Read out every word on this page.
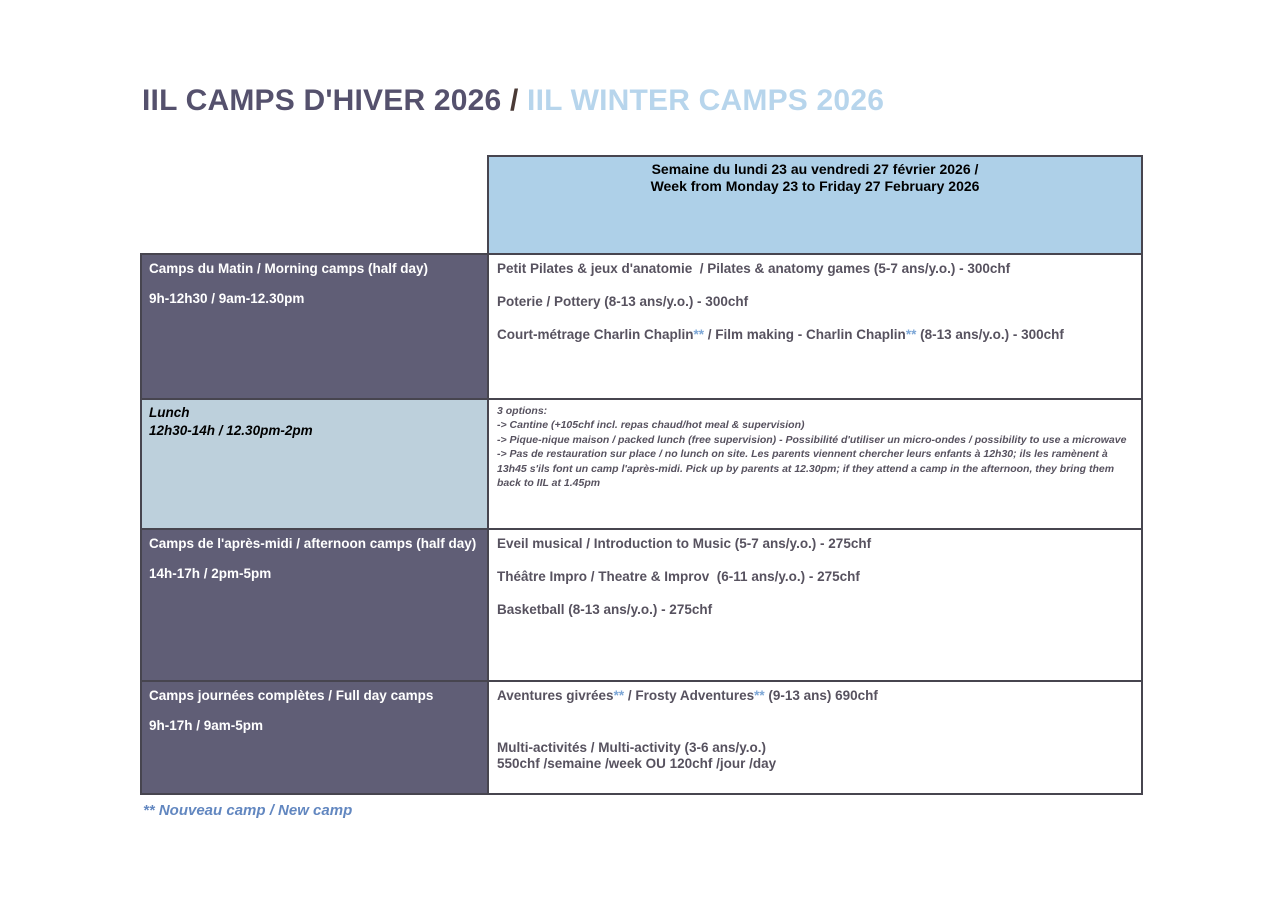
IIL CAMPS D'HIVER 2026 / IIL WINTER CAMPS 2026
Semaine du lundi 23 au vendredi 27 février 2026 /
Week from Monday 23 to Friday 27 February 2026
Camps du Matin / Morning camps (half day)
9h-12h30 / 9am-12.30pm

Petit Pilates & jeux d'anatomie  / Pilates & anatomy games (5-7 ans/y.o.) - 300chf

Poterie / Pottery (8-13 ans/y.o.) - 300chf

Court-métrage Charlin Chaplin** / Film making - Charlin Chaplin** (8-13 ans/y.o.) - 300chf

Lunch
12h30-14h / 12.30pm-2pm

3 options:

-> Cantine (+105chf incl. repas chaud/hot meal & supervision)

-> Pique-nique maison / packed lunch (free supervision) - Possibilité d'utiliser un micro-ondes / possibility to use a microwave

-> Pas de restauration sur place / no lunch on site. Les parents viennent chercher leurs enfants à 12h30; ils les ramènent à 13h45 s'ils font un camp l'après-midi. Pick up by parents at 12.30pm; if they attend a camp in the afternoon, they bring them back to IIL at 1.45pm

Camps de l'après-midi / afternoon camps (half day)
14h-17h / 2pm-5pm

Eveil musical / Introduction to Music (5-7 ans/y.o.) - 275chf

Théâtre Impro / Theatre & Improv  (6-11 ans/y.o.) - 275chf

Basketball (8-13 ans/y.o.) - 275chf

Camps journées complètes / Full day camps
9h-17h / 9am-5pm

Aventures givrées** / Frosty Adventures** (9-13 ans) 690chf

Multi-activités / Multi-activity (3-6 ans/y.o.)

550chf /semaine /week OU 120chf /jour /day

** Nouveau camp / New camp
